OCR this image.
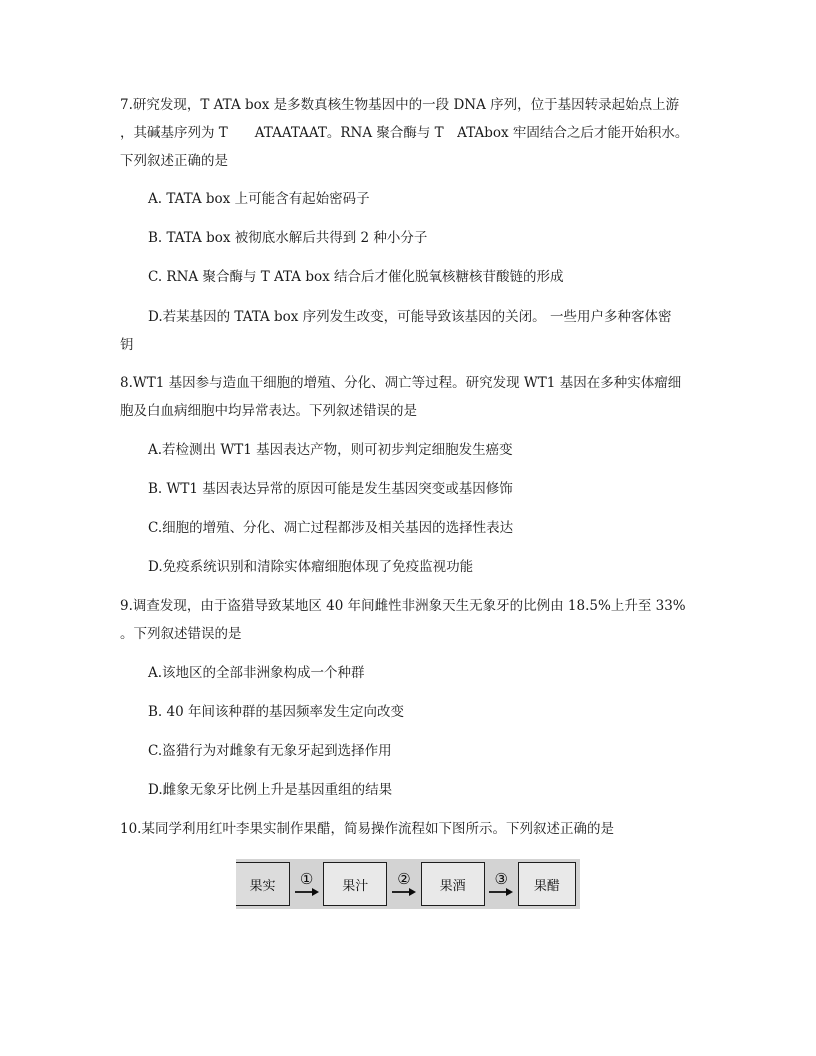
7.研究发现，T ATA box 是多数真核生物基因中的一段 DNA 序列，位于基因转录起始点上游
，其碱基序列为 T　　ATAATAAT。RNA 聚合酶与 T　ATAbox 牢固结合之后才能开始积水。
下列叙述正确的是
A. TATA box 上可能含有起始密码子
B. TATA box 被彻底水解后共得到 2 种小分子
C. RNA 聚合酶与 T ATA box 结合后才催化脱氧核糖核苷酸链的形成
D.若某基因的 TATA box 序列发生改变，可能导致该基因的关闭。 一些用户多种客体密
钥
8.WT1 基因参与造血干细胞的增殖、分化、凋亡等过程。研究发现 WT1 基因在多种实体瘤细
胞及白血病细胞中均异常表达。下列叙述错误的是
A.若检测出 WT1 基因表达产物，则可初步判定细胞发生癌变
B. WT1 基因表达异常的原因可能是发生基因突变或基因修饰
C.细胞的增殖、分化、凋亡过程都涉及相关基因的选择性表达
D.免疫系统识别和清除实体瘤细胞体现了免疫监视功能
9.调查发现，由于盗猎导致某地区 40 年间雌性非洲象天生无象牙的比例由 18.5%上升至 33%
。下列叙述错误的是
A.该地区的全部非洲象构成一个种群
B. 40 年间该种群的基因频率发生定向改变
C.盗猎行为对雌象有无象牙起到选择作用
D.雌象无象牙比例上升是基因重组的结果
10.某同学利用红叶李果实制作果醋，简易操作流程如下图所示。下列叙述正确的是
果实	①	果汁	②	果酒	③	果醋
